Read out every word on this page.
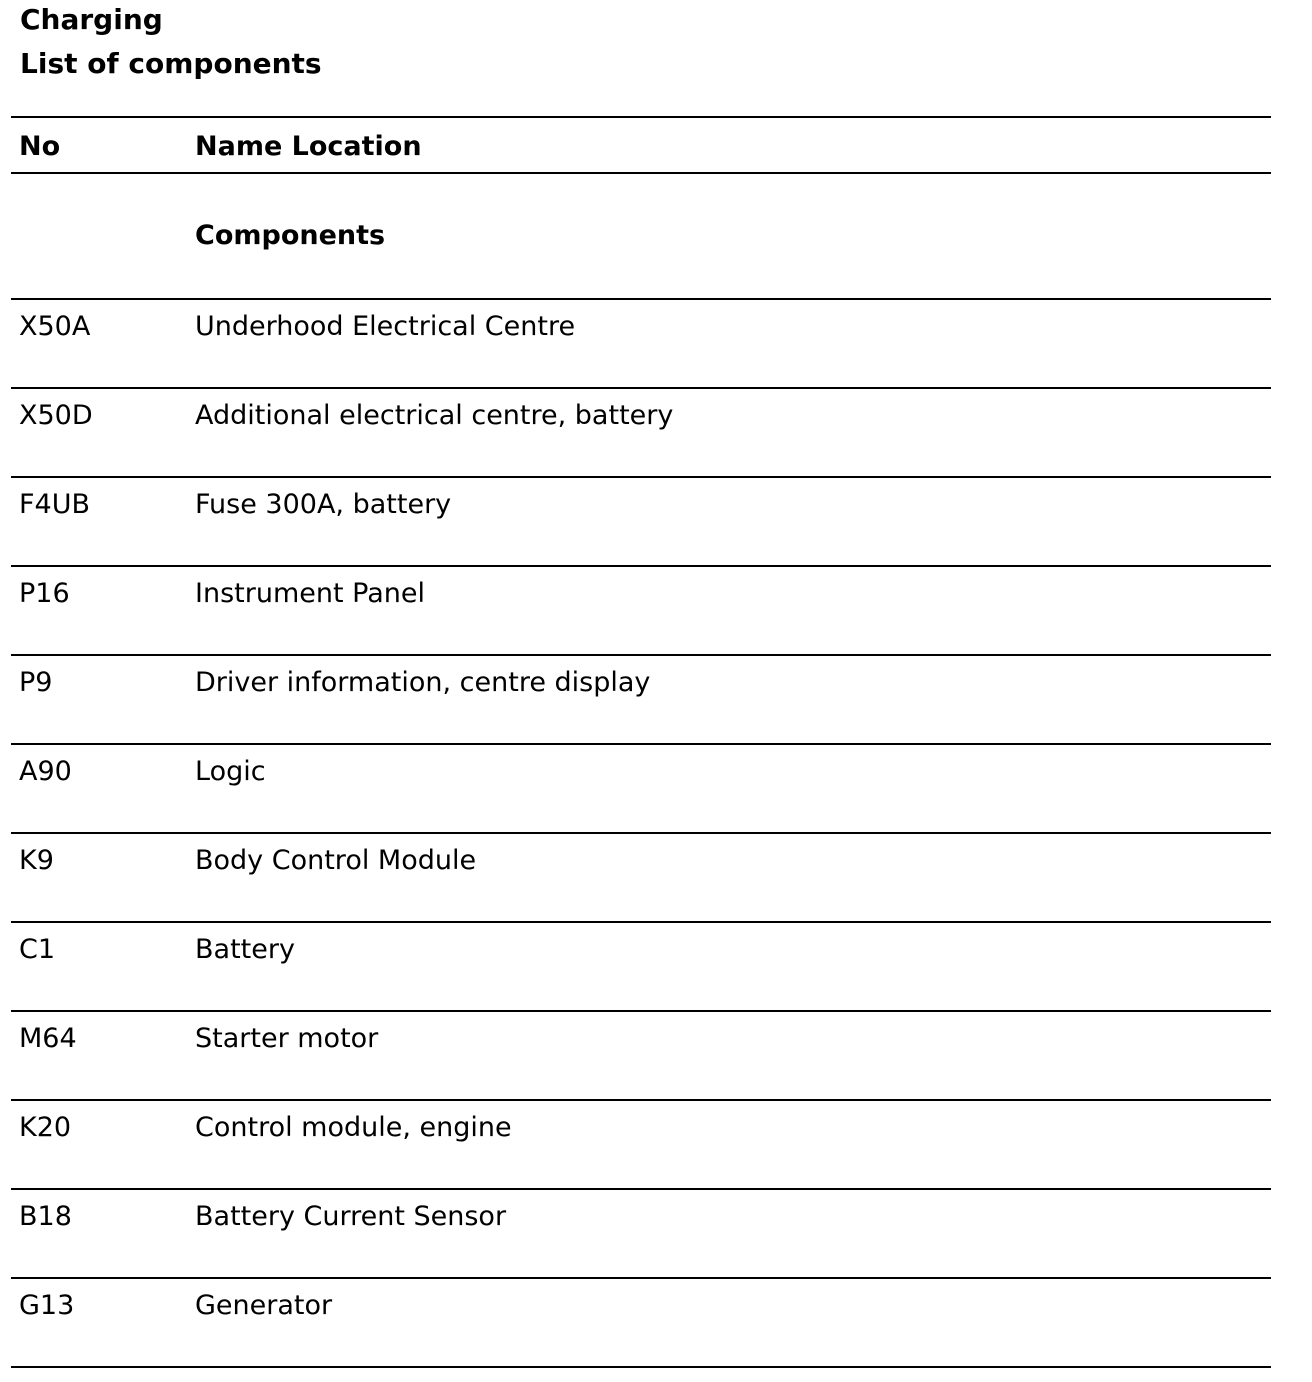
Charging
List of components
No	Name Location
Components
X50A	Underhood Electrical Centre
X50D	Additional electrical centre, battery
F4UB	Fuse 300A, battery
P16	Instrument Panel
P9	Driver information, centre display
A90	Logic
K9	Body Control Module
C1	Battery
M64	Starter motor
K20	Control module, engine
B18	Battery Current Sensor
G13	Generator
